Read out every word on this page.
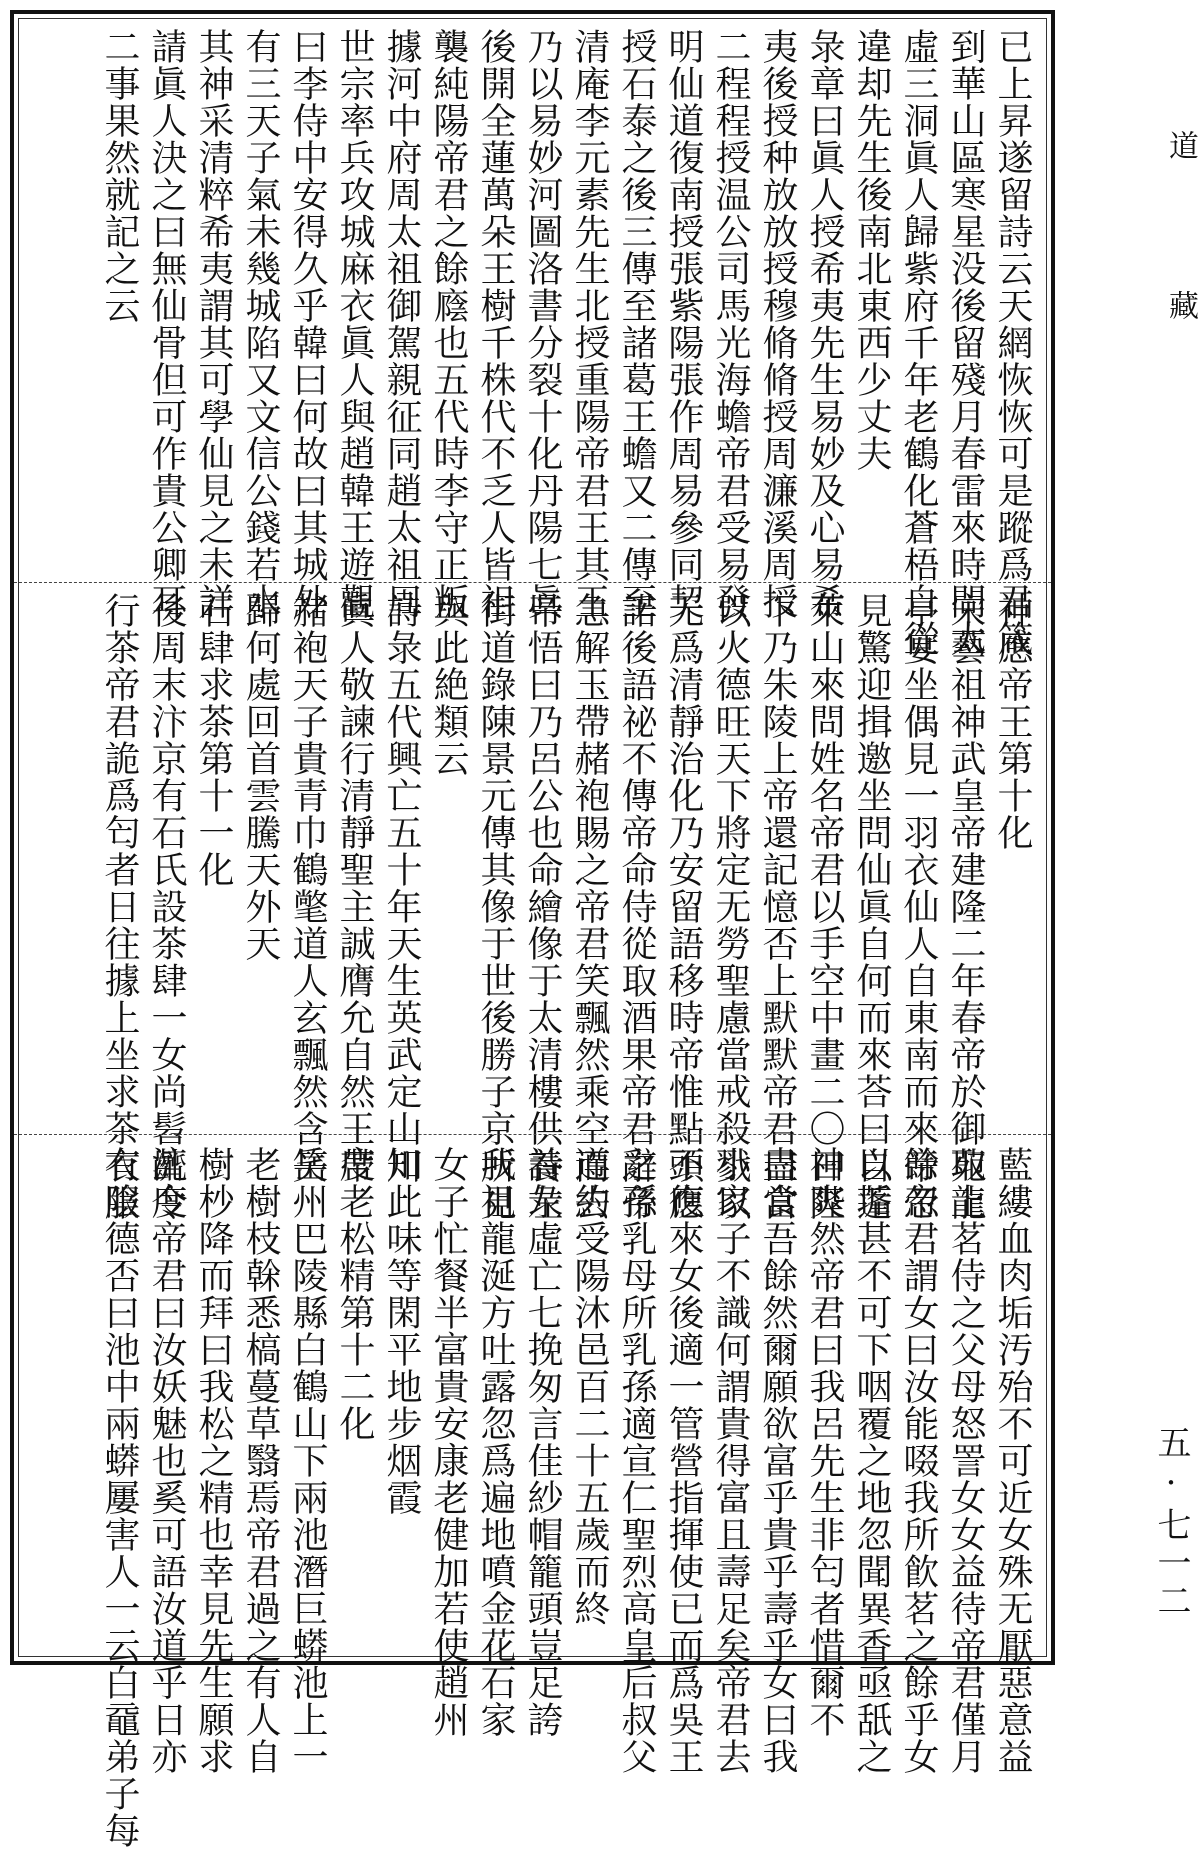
已上昇遂留詩云天網恢恢可是蹤爲君箴
到華山區寒星没後留殘月春雷來時問太
虛三洞眞人歸紫府千年老鶴化蒼梧自從
違却先生後南北東西少丈夫
彔章曰眞人授希夷先生易妙及心易希
夷後授种放放授穆脩脩授周濂溪周授
二程程授温公司馬光海蟾帝君受易發
明仙道復南授張紫陽張作周易參同契
授石泰之後三傳至諸葛王蟾又二傳至
清庵李元素先生北授重陽帝君王其王
乃以易妙河圖洛書分裂十化丹陽七眞
後開全蓮萬朵王樹千株代不乏人皆祖
襲純陽帝君之餘廕也五代時李守正叛
據河中府周太祖御駕親征同趙太祖周
世宗率兵攻城麻衣眞人與趙韓王遊觀
曰李侍中安得久乎韓曰何故曰其城外
有三天子氣未幾城陷又文信公錢若水
其神采清粹希夷謂其可學仙見之未詳
請眞人決之曰無仙骨但可作貴公卿耳
二事果然就記之云
神應帝王第十化
宋藝祖神武皇帝建隆二年春帝於御苑龍
亭宴坐偶見一羽衣仙人自東南而來帝忽
見驚迎揖邀坐問仙眞自何而來荅曰自蓬
萊山來問姓名帝君以手空中畫二〇曰陛
下乃朱陵上帝還記憶否上默默帝君曰當
以火德旺天下將定无勞聖慮當戒殺戮以
无爲清靜治化乃安留語移時帝惟點頭應
諾後語祕不傳帝命侍從取酒果帝君辭帝
急解玉帶赭袍賜之帝君笑飄然乘空而去
帝悟曰乃呂公也命繪像于太清樓供養左
街道錄陳景元傳其像于世後勝子京所見
與此絶類云
詩彔五代興亡五十年天生英武定山川
眞人敬諫行清靜聖主誠膺允自然王帶
赭袍天子貴青巾鶴氅道人玄飄然含笑
歸何處回首雲騰天外天
石肆求茶第十一化
後周末汴京有石氏設茶肆一女尚髫齓令
行茶帝君詭爲匄者日往據上坐求茶衣服
藍縷血肉垢汚殆不可近女殊无厭惡意益
取上茗侍之父母怒詈女女益待帝君僅月
餘帝君謂女曰汝能啜我所飮茗之餘乎女
以垢甚不可下咽覆之地忽聞異香亟舐之
神爽然帝君曰我呂先生非匄者惜爾不
盡食吾餘然爾願欲富乎貴乎壽乎女曰我
小家子不識何謂貴得富且壽足矣帝君去
不復來女後適一管營指揮使已而爲吳王
之孫乳母所乳孫適宣仁聖烈高皇后叔父
遵約受陽沐邑百二十五歲而終
詩彔虛亡七挽匆言佳紗帽籠頭豈足誇
我祖龍涎方吐露忽爲遍地噴金花石家
女子忙餐半富貴安康老健加若使趙州
知此味等閑平地步烟霞
度老松精第十二化
岳州巴陵縣白鶴山下兩池潛巨蟒池上一
老樹枝榦悉槁蔓草翳焉帝君過之有人自
樹杪降而拜曰我松之精也幸見先生願求
濟度帝君曰汝妖魅也奚可語汝道乎日亦
有陰德否曰池中兩蟒屢害人一云白黿弟子每
道藏
五·七一二
